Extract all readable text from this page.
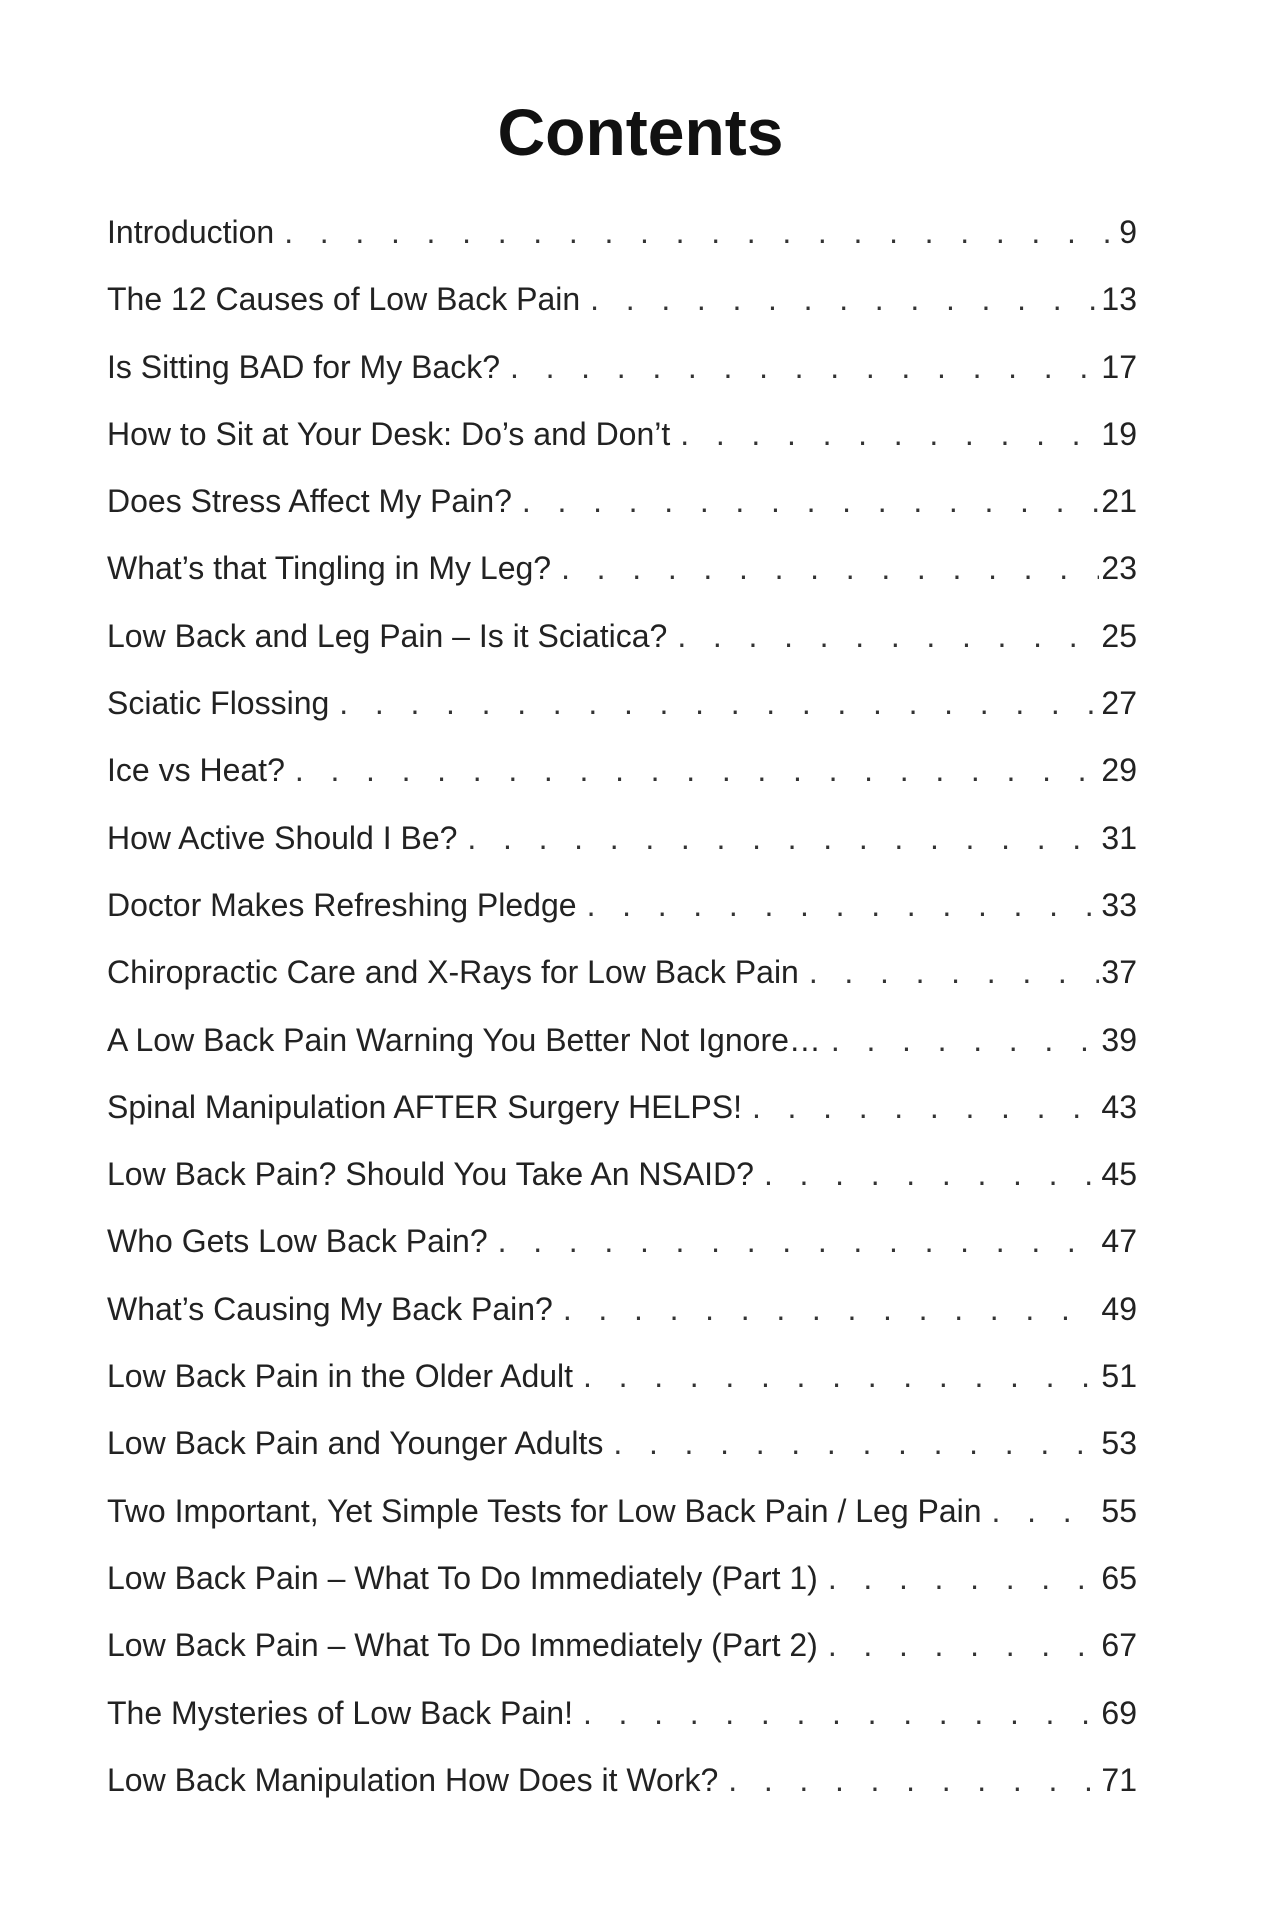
Contents
Introduction . . .	9
The 12 Causes of Low Back Pain . . .	13
Is Sitting BAD for My Back? . . .	17
How to Sit at Your Desk: Do’s and Don’t . . .	19
Does Stress Affect My Pain? . . .	21
What’s that Tingling in My Leg? . . .	23
Low Back and Leg Pain – Is it Sciatica? . . .	25
Sciatic Flossing . . .	27
Ice vs Heat? . . .	29
How Active Should I Be? . . .	31
Doctor Makes Refreshing Pledge . . .	33
Chiropractic Care and X-Rays for Low Back Pain . . .	37
A Low Back Pain Warning You Better Not Ignore… . . .	39
Spinal Manipulation AFTER Surgery HELPS! . . .	43
Low Back Pain? Should You Take An NSAID? . . .	45
Who Gets Low Back Pain? . . .	47
What’s Causing My Back Pain? . . .	49
Low Back Pain in the Older Adult . . .	51
Low Back Pain and Younger Adults . . .	53
Two Important, Yet Simple Tests for Low Back Pain / Leg Pain . . .	55
Low Back Pain – What To Do Immediately (Part 1) . . .	65
Low Back Pain – What To Do Immediately (Part 2) . . .	67
The Mysteries of Low Back Pain! . . .	69
Low Back Manipulation How Does it Work? . . .	71
